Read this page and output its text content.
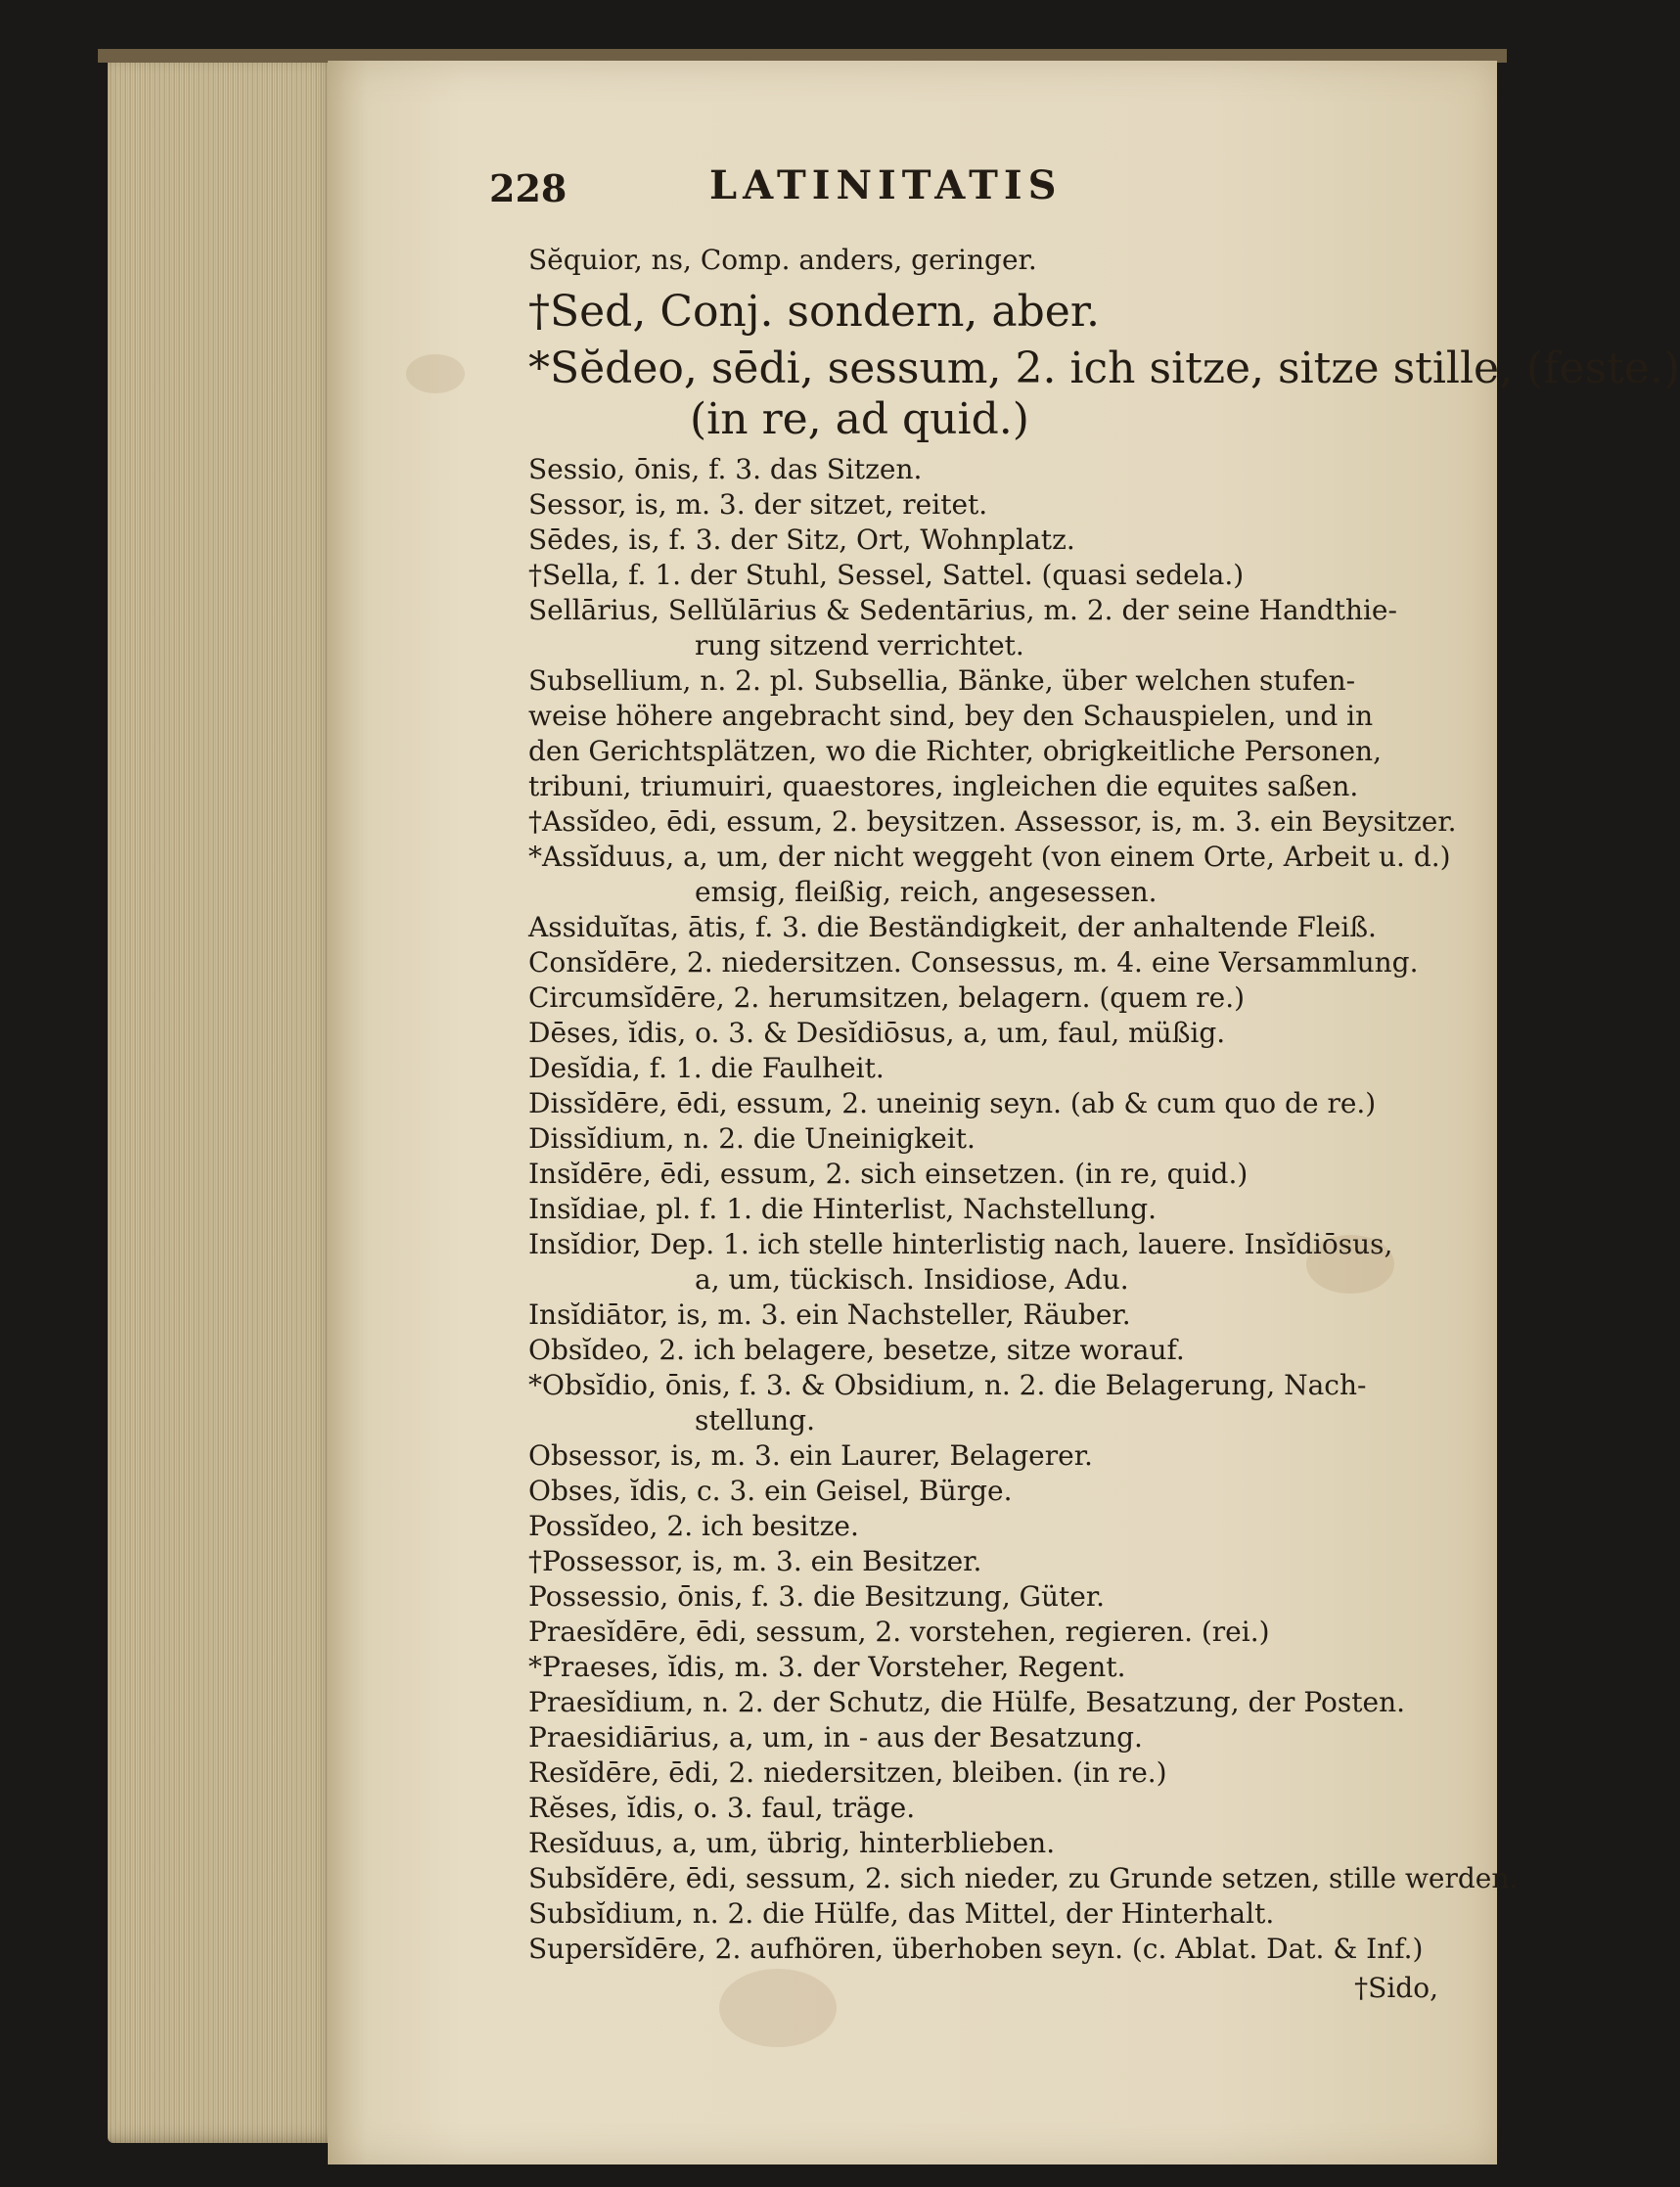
228	LATINITATIS
Sĕquior, ns, Comp. anders, geringer.
†Sed, Conj. sondern, aber.
*Sĕdeo, sēdi, sessum, 2. ich sitze, sitze stille, (feste.)
(in re, ad quid.)
Sessio, ōnis, f. 3. das Sitzen.
Sessor, is, m. 3. der sitzet, reitet.
Sēdes, is, f. 3. der Sitz, Ort, Wohnplatz.
†Sella, f. 1. der Stuhl, Sessel, Sattel. (quasi sedela.)
Sellārius, Sellŭlārius & Sedentārius, m. 2. der seine Handthie-
rung sitzend verrichtet.
Subsellium, n. 2. pl. Subsellia, Bänke, über welchen stufen-
weise höhere angebracht sind, bey den Schauspielen, und in
den Gerichtsplätzen, wo die Richter, obrigkeitliche Personen,
tribuni, triumuiri, quaestores, ingleichen die equites saßen.
†Assĭdeo, ēdi, essum, 2. beysitzen. Assessor, is, m. 3. ein Beysitzer.
*Assĭduus, a, um, der nicht weggeht (von einem Orte, Arbeit u. d.)
emsig, fleißig, reich, angesessen.
Assiduĭtas, ātis, f. 3. die Beständigkeit, der anhaltende Fleiß.
Consĭdēre, 2. niedersitzen. Consessus, m. 4. eine Versammlung.
Circumsĭdēre, 2. herumsitzen, belagern. (quem re.)
Dēses, ĭdis, o. 3. & Desĭdiōsus, a, um, faul, müßig.
Desĭdia, f. 1. die Faulheit.
Dissĭdēre, ēdi, essum, 2. uneinig seyn. (ab & cum quo de re.)
Dissĭdium, n. 2. die Uneinigkeit.
Insĭdēre, ēdi, essum, 2. sich einsetzen. (in re, quid.)
Insĭdiae, pl. f. 1. die Hinterlist, Nachstellung.
Insĭdior, Dep. 1. ich stelle hinterlistig nach, lauere. Insĭdiōsus,
a, um, tückisch. Insidiose, Adu.
Insĭdiātor, is, m. 3. ein Nachsteller, Räuber.
Obsĭdeo, 2. ich belagere, besetze, sitze worauf.
*Obsĭdio, ōnis, f. 3. & Obsidium, n. 2. die Belagerung, Nach-
stellung.
Obsessor, is, m. 3. ein Laurer, Belagerer.
Obses, ĭdis, c. 3. ein Geisel, Bürge.
Possĭdeo, 2. ich besitze.
†Possessor, is, m. 3. ein Besitzer.
Possessio, ōnis, f. 3. die Besitzung, Güter.
Praesĭdēre, ēdi, sessum, 2. vorstehen, regieren. (rei.)
*Praeses, ĭdis, m. 3. der Vorsteher, Regent.
Praesĭdium, n. 2. der Schutz, die Hülfe, Besatzung, der Posten.
Praesidiārius, a, um, in - aus der Besatzung.
Resĭdēre, ēdi, 2. niedersitzen, bleiben. (in re.)
Rĕses, ĭdis, o. 3. faul, träge.
Resĭduus, a, um, übrig, hinterblieben.
Subsĭdēre, ēdi, sessum, 2. sich nieder, zu Grunde setzen, stille werden.
Subsĭdium, n. 2. die Hülfe, das Mittel, der Hinterhalt.
Supersĭdēre, 2. aufhören, überhoben seyn. (c. Ablat. Dat. & Inf.)
†Sido,
